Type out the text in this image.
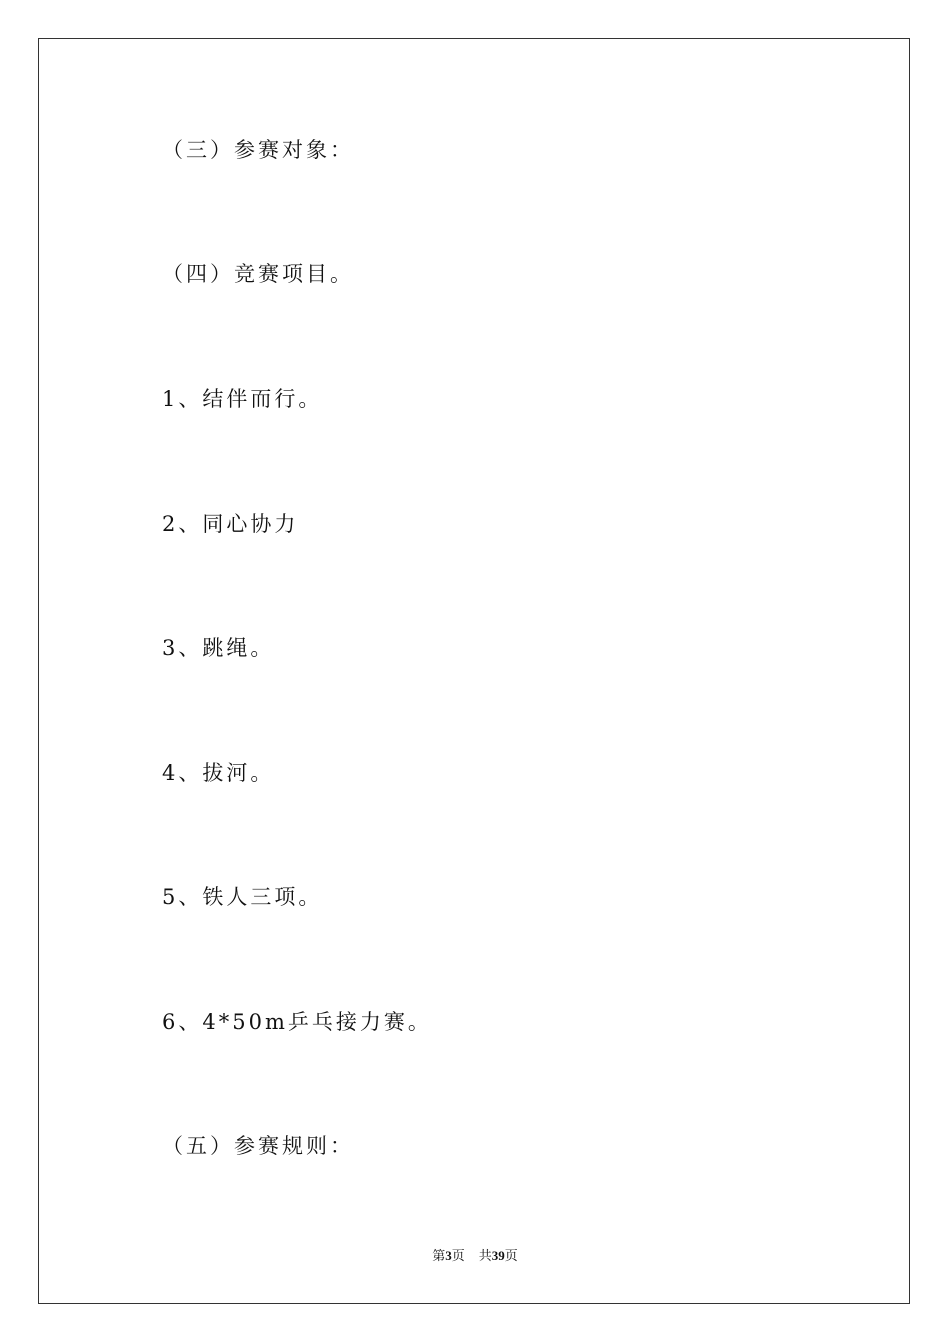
（三）参赛对象：
（四）竞赛项目。
1、结伴而行。
2、同心协力
3、跳绳。
4、拔河。
5、铁人三项。
6、4*50m乒乓接力赛。
（五）参赛规则：
第3页 共39页
